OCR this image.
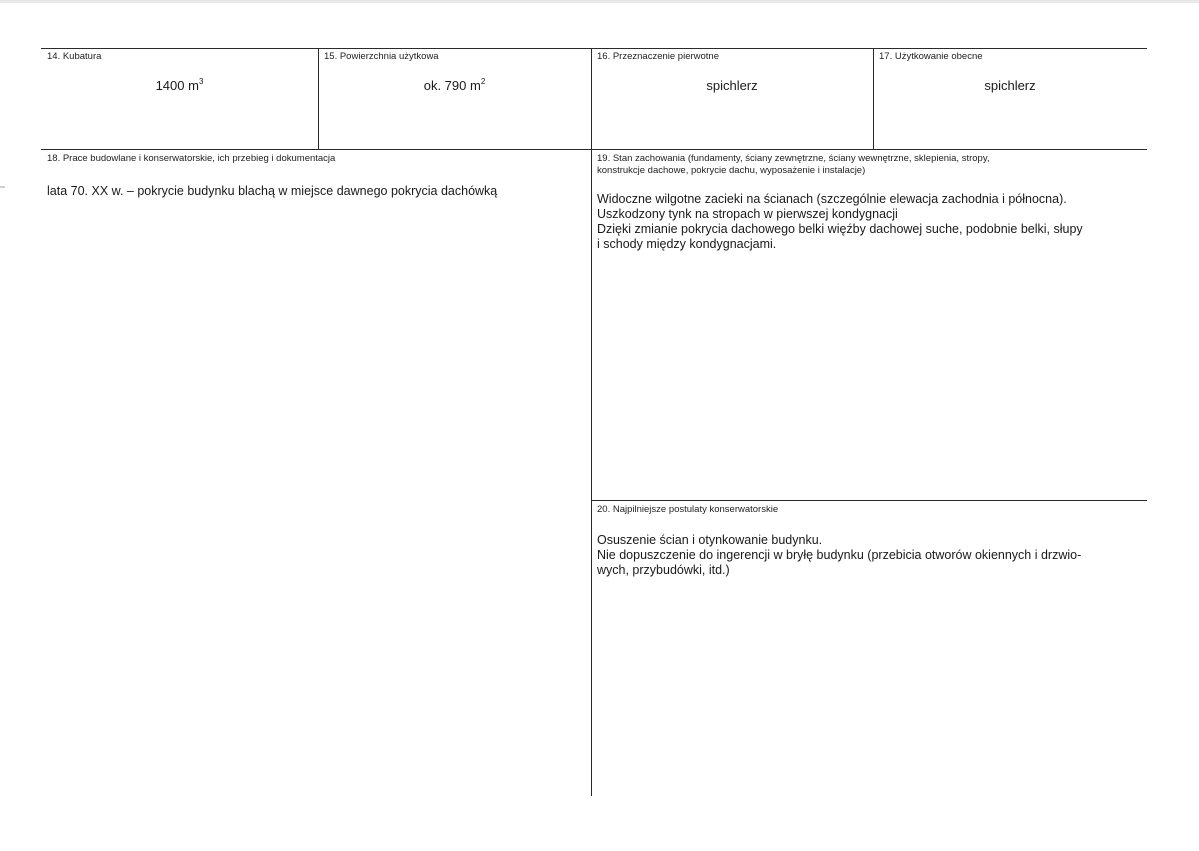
14. Kubatura
1400 $m^3$
15. Powierzchnia użytkowa
ok. 790 $m^2$
16. Przeznaczenie pierwotne
spichlerz
17. Użytkowanie obecne
spichlerz
18. Prace budowlane i konserwatorskie, ich przebieg i dokumentacja
lata 70. XX w. – pokrycie budynku blachą w miejsce dawnego pokrycia dachówką
19. Stan zachowania (fundamenty, ściany zewnętrzne, ściany wewnętrzne, sklepienia, stropy,
konstrukcje dachowe, pokrycie dachu, wyposażenie i instalacje)
Widoczne wilgotne zacieki na ścianach (szczególnie elewacja zachodnia i północna).
Uszkodzony tynk na stropach w pierwszej kondygnacji
Dzięki zmianie pokrycia dachowego belki więźby dachowej suche, podobnie belki, słupy
i schody między kondygnacjami.
20. Najpilniejsze postulaty konserwatorskie
Osuszenie ścian i otynkowanie budynku.
Nie dopuszczenie do ingerencji w bryłę budynku (przebicia otworów okiennych i drzwio-
wych, przybudówki, itd.)
